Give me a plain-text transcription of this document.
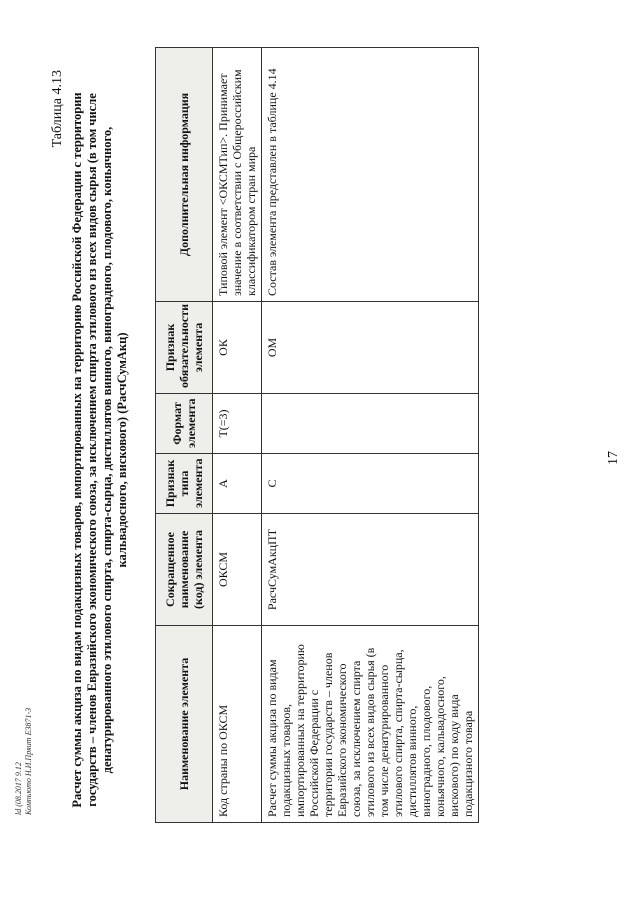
Таблица 4.13 Расчет суммы акциза по видам подакцизных товаров, импортированных на территорию Российской Федерации с территории государств – членов Евразийского экономического союза, за исключением спирта этилового из всех видов сырья (в том числе денатурированного этилового спирта, спирта-сырца, дистиллятов винного, виноградного, плодового, коньячного, кальвадосного, вискового) (РасчСумАкц)
Наименование элемента	Сокращенное наименование (код) элемента	Признак типа элемента	Формат элемента	Признак обязательности элемента	Дополнительная информация
Код страны по ОКСМ	ОКСМ	А	T(=3)	ОК	Типовой элемент <ОКСМТип>. Принимает значение в соответствии с Общероссийским классификатором стран мира
Расчет суммы акциза по видам подакцизных товаров, импортированных на территорию Российской Федерации с территории государств – членов Евразийского экономического союза, за исключением спирта этилового из всех видов сырья (в том числе денатурированного этилового спирта, спирта-сырца, дистиллятов винного, виноградного, плодового, коньячного, кальвадосного, вискового) по коду вида подакцизного товара	РасчСумАкцПТ	С		ОМ	Состав элемента представлен в таблице 4.14
17
ld (08.2017 9.12 Компьюто Н.И.Пряит E3871-3
